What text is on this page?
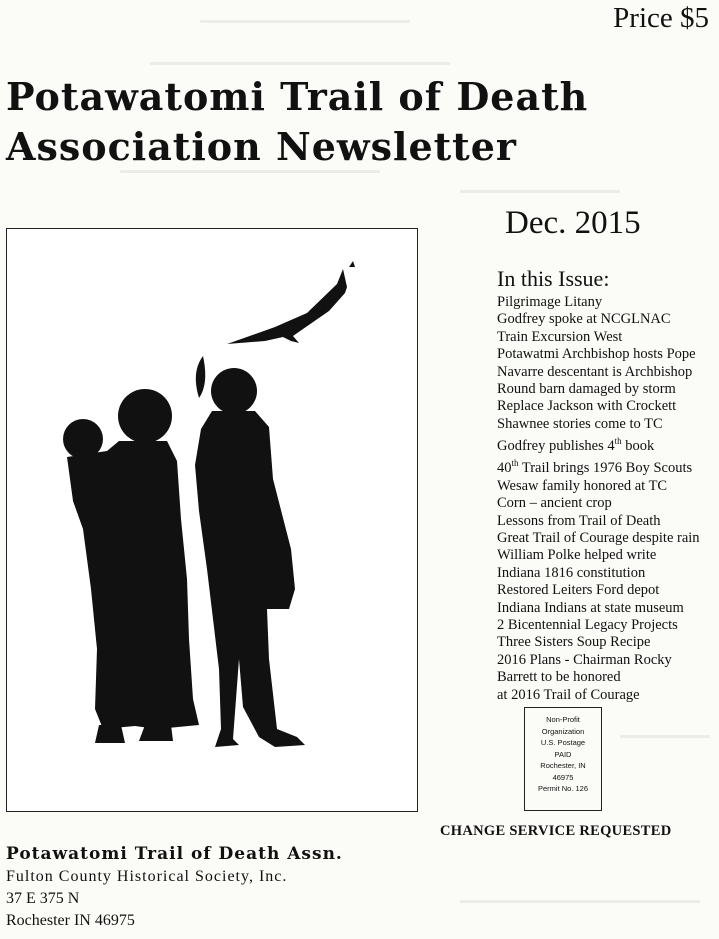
Price $5
Potawatomi Trail of Death
Association Newsletter
Dec. 2015
In this Issue:
Pilgrimage Litany
Godfrey spoke at NCGLNAC
Train Excursion West
Potawatmi Archbishop hosts Pope
Navarre descentant is Archbishop
Round barn damaged by storm
Replace Jackson with Crockett
Shawnee stories come to TC
Godfrey publishes 4th book
40th Trail brings 1976 Boy Scouts
Wesaw family honored at TC
Corn – ancient crop
Lessons from Trail of Death
Great Trail of Courage despite rain
William Polke helped write
Indiana 1816 constitution
Restored Leiters Ford depot
Indiana Indians at state museum
2 Bicentennial Legacy Projects
Three Sisters Soup Recipe
2016 Plans - Chairman Rocky
Barrett to be honored
at 2016 Trail of Courage
Non-Profit
Organization
U.S. Postage
PAID
Rochester, IN
46975
Permit No. 126
CHANGE SERVICE REQUESTED
Potawatomi Trail of Death Assn.
Fulton County Historical Society, Inc.
37 E 375 N
Rochester IN 46975
